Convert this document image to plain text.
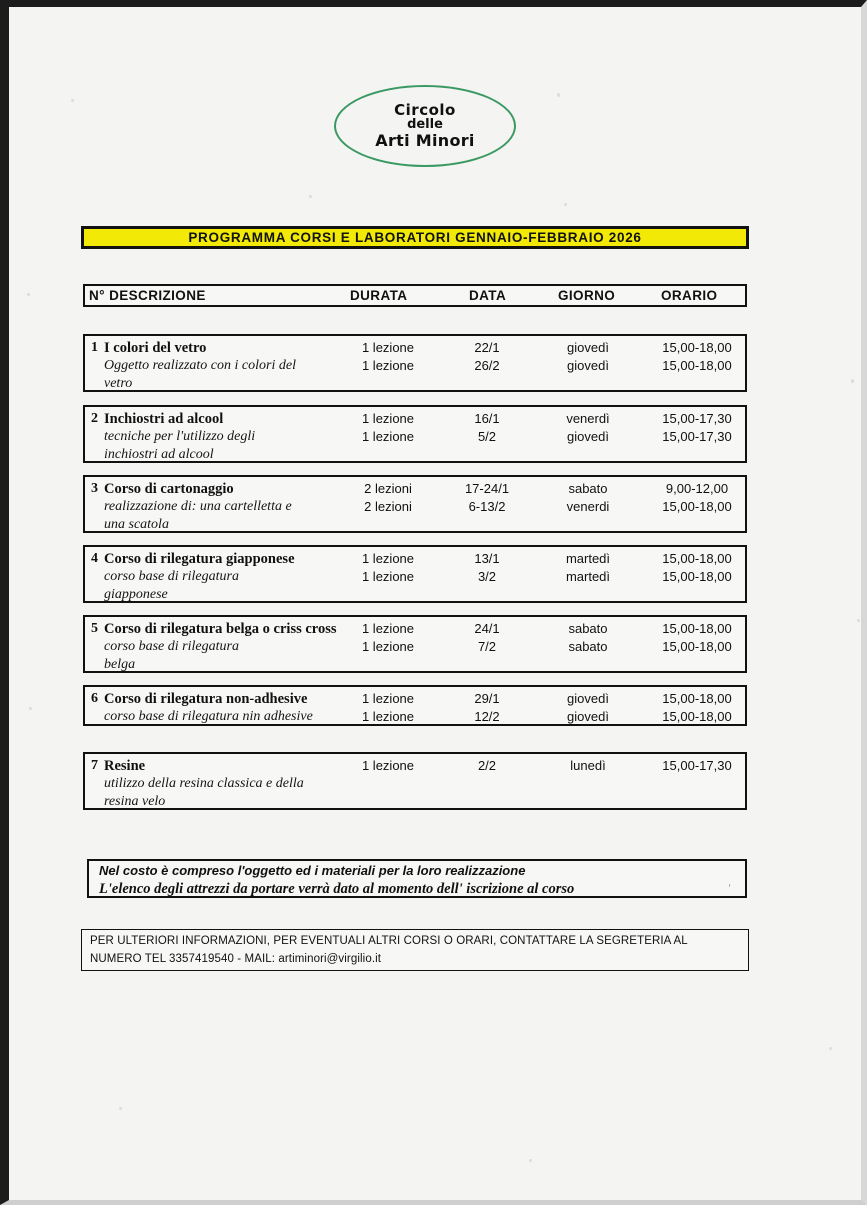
Circolo
delle
Arti Minori
PROGRAMMA CORSI E LABORATORI GENNAIO-FEBBRAIO 2026
N° DESCRIZIONE	DURATA	DATA	GIORNO	ORARIO
1 I colori del vetro
Oggetto realizzato con i colori del
vetro
1 lezione	22/1	giovedì	15,00-18,00
1 lezione	26/2	giovedì	15,00-18,00
2 Inchiostri ad alcool
tecniche per l'utilizzo degli
inchiostri ad alcool
1 lezione	16/1	venerdì	15,00-17,30
1 lezione	5/2	giovedì	15,00-17,30
3 Corso di cartonaggio
realizzazione di: una cartelletta e
una scatola
2 lezioni	17-24/1	sabato	9,00-12,00
2 lezioni	6-13/2	venerdi	15,00-18,00
4 Corso di rilegatura giapponese
corso base di rilegatura
giapponese
1 lezione	13/1	martedì	15,00-18,00
1 lezione	3/2	martedì	15,00-18,00
5 Corso di rilegatura belga o criss cross
corso base di rilegatura
belga
1 lezione	24/1	sabato	15,00-18,00
1 lezione	7/2	sabato	15,00-18,00
6 Corso di rilegatura non-adhesive
corso base di rilegatura nin adhesive
1 lezione	29/1	giovedì	15,00-18,00
1 lezione	12/2	giovedì	15,00-18,00
7 Resine
utilizzo della resina classica e della
resina velo
1 lezione	2/2	lunedì	15,00-17,30
Nel costo è compreso l'oggetto ed i materiali per la loro realizzazione
L'elenco degli attrezzi da portare verrà dato al momento dell' iscrizione al corso	٬
PER ULTERIORI INFORMAZIONI, PER EVENTUALI ALTRI CORSI O ORARI, CONTATTARE LA SEGRETERIA AL
NUMERO TEL 3357419540 - MAIL: artiminori@virgilio.it
